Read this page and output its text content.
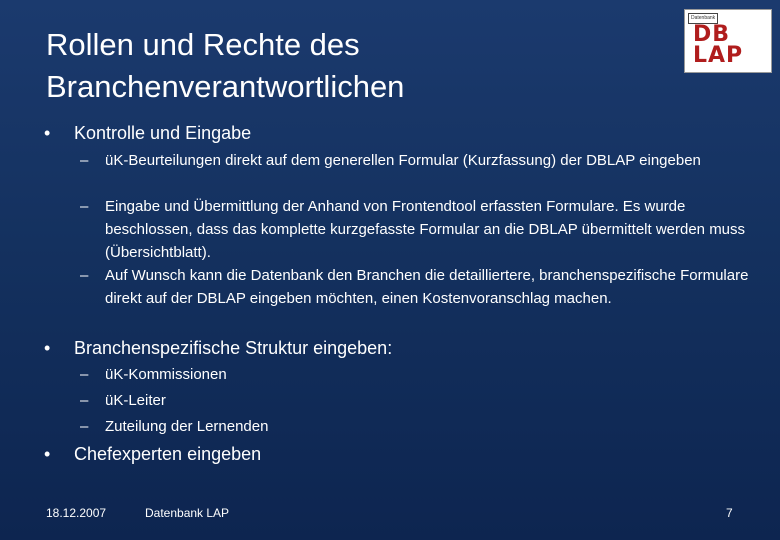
Rollen und Rechte des
Branchenverantwortlichen
Datenbank
DB
LAP
• Kontrolle und Eingabe
– üK-Beurteilungen direkt auf dem generellen Formular (Kurzfassung) der DBLAP eingeben
– Eingabe und Übermittlung der Anhand von Frontendtool erfassten Formulare. Es wurde beschlossen, dass das komplette kurzgefasste Formular an die DBLAP übermittelt werden muss (Übersichtblatt).
– Auf Wunsch kann die Datenbank den Branchen die detailliertere, branchenspezifische Formulare direkt auf der DBLAP eingeben möchten, einen Kostenvoranschlag machen.
• Branchenspezifische Struktur eingeben:
– üK-Kommissionen
– üK-Leiter
– Zuteilung der Lernenden
• Chefexperten eingeben
18.12.2007	Datenbank LAP	7
